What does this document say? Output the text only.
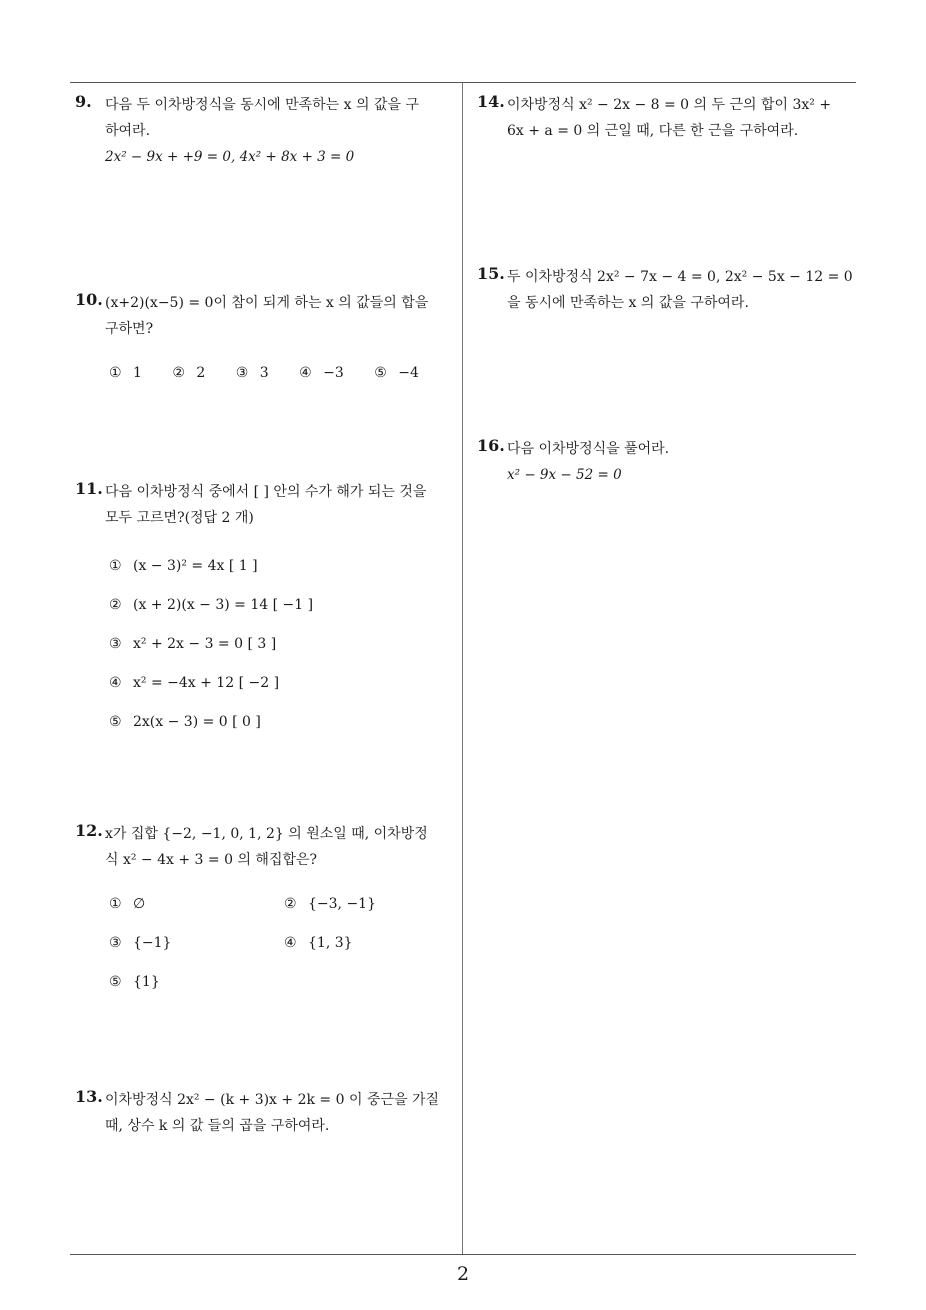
9. 다음 두 이차방정식을 동시에 만족하는 x 의 값을 구
하여라.
2x² − 9x + +9 = 0, 4x² + 8x + 3 = 0
10. (x+2)(x−5) = 0이 참이 되게 하는 x 의 값들의 합을
구하면?
① 1 ② 2 ③ 3 ④ −3 ⑤ −4
11. 다음 이차방정식 중에서 [ ] 안의 수가 해가 되는 것을
모두 고르면?(정답 2 개)
① (x − 3)² = 4x [ 1 ]
② (x + 2)(x − 3) = 14 [ −1 ]
③ x² + 2x − 3 = 0 [ 3 ]
④ x² = −4x + 12 [ −2 ]
⑤ 2x(x − 3) = 0 [ 0 ]
12. x가 집합 {−2, −1, 0, 1, 2} 의 원소일 때, 이차방정
식 x² − 4x + 3 = 0 의 해집합은?
① ∅	② {−3, −1}
③ {−1}	④ {1, 3}
⑤ {1}
13. 이차방정식 2x² − (k + 3)x + 2k = 0 이 중근을 가질
때, 상수 k 의 값 들의 곱을 구하여라.
14. 이차방정식 x² − 2x − 8 = 0 의 두 근의 합이 3x² +
6x + a = 0 의 근일 때, 다른 한 근을 구하여라.
15. 두 이차방정식 2x² − 7x − 4 = 0, 2x² − 5x − 12 = 0
을 동시에 만족하는 x 의 값을 구하여라.
16. 다음 이차방정식을 풀어라.
x² − 9x − 52 = 0
2
